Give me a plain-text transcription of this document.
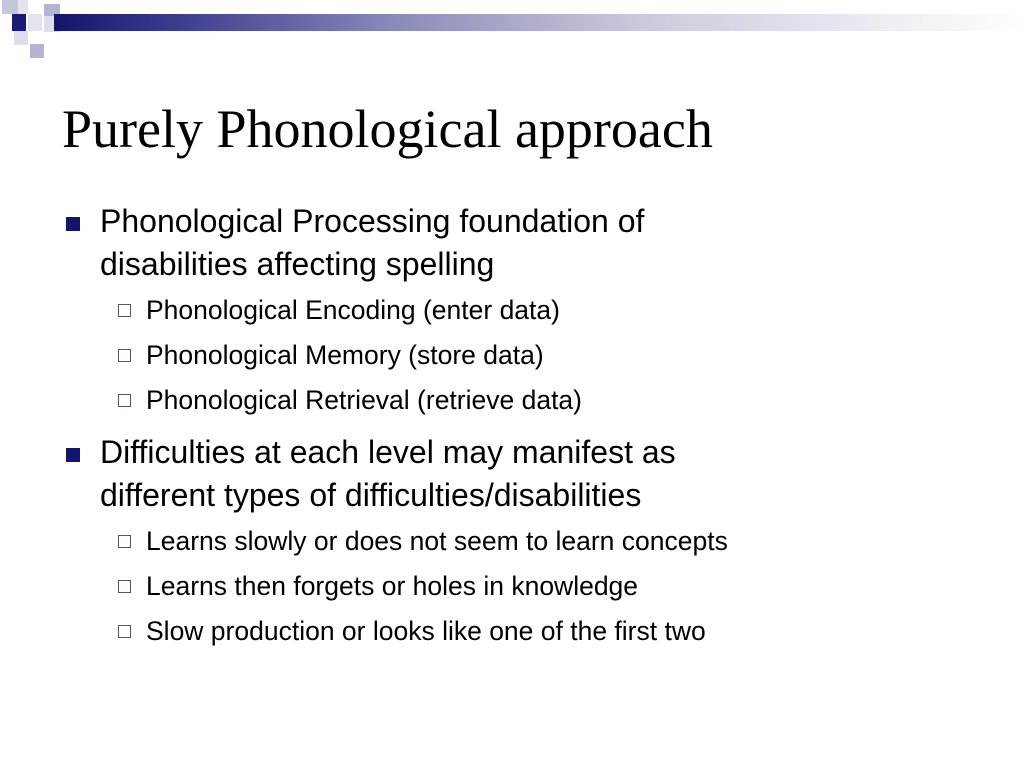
Purely Phonological approach
Phonological Processing foundation of
disabilities affecting spelling
Phonological Encoding (enter data)
Phonological Memory (store data)
Phonological Retrieval (retrieve data)
Difficulties at each level may manifest as
different types of difficulties/disabilities
Learns slowly or does not seem to learn concepts
Learns then forgets or holes in knowledge
Slow production or looks like one of the first two
